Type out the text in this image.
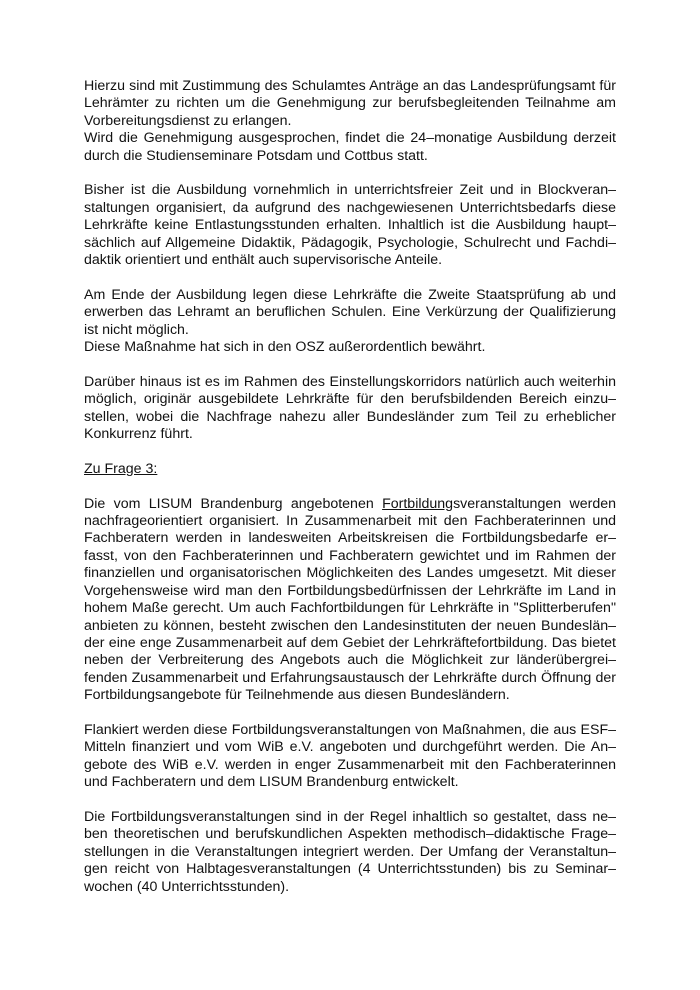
Hierzu sind mit Zustimmung des Schulamtes Anträge an das Landesprüfungsamt für Lehrämter zu richten um die Genehmigung zur berufsbegleitenden Teilnahme am Vorbereitungsdienst zu erlangen.
Wird die Genehmigung ausgesprochen, findet die 24–monatige Ausbildung derzeit durch die Studienseminare Potsdam und Cottbus statt.

Bisher ist die Ausbildung vornehmlich in unterrichtsfreier Zeit und in Blockveran– staltungen organisiert, da aufgrund des nachgewiesenen Unterrichtsbedarfs diese Lehrkräfte keine Entlastungsstunden erhalten. Inhaltlich ist die Ausbildung haupt– sächlich auf Allgemeine Didaktik, Pädagogik, Psychologie, Schulrecht und Fachdi– daktik orientiert und enthält auch supervisorische Anteile.

Am Ende der Ausbildung legen diese Lehrkräfte die Zweite Staatsprüfung ab und erwerben das Lehramt an beruflichen Schulen. Eine Verkürzung der Qualifizierung ist nicht möglich.
Diese Maßnahme hat sich in den OSZ außerordentlich bewährt.

Darüber hinaus ist es im Rahmen des Einstellungskorridors natürlich auch weiterhin möglich, originär ausgebildete Lehrkräfte für den berufsbildenden Bereich einzu– stellen, wobei die Nachfrage nahezu aller Bundesländer zum Teil zu erheblicher Konkurrenz führt.

Zu Frage 3:

Die vom LISUM Brandenburg angebotenen Fortbildungsveranstaltungen werden nachfrageorientiert organisiert. In Zusammenarbeit mit den Fachberaterinnen und Fachberatern werden in landesweiten Arbeitskreisen die Fortbildungsbedarfe er– fasst, von den Fachberaterinnen und Fachberatern gewichtet und im Rahmen der finanziellen und organisatorischen Möglichkeiten des Landes umgesetzt. Mit dieser Vorgehensweise wird man den Fortbildungsbedürfnissen der Lehrkräfte im Land in hohem Maße gerecht. Um auch Fachfortbildungen für Lehrkräfte in "Splitterberufen" anbieten zu können, besteht zwischen den Landesinstituten der neuen Bundeslän– der eine enge Zusammenarbeit auf dem Gebiet der Lehrkräftefortbildung. Das bietet neben der Verbreiterung des Angebots auch die Möglichkeit zur länderübergrei– fenden Zusammenarbeit und Erfahrungsaustausch der Lehrkräfte durch Öffnung der Fortbildungsangebote für Teilnehmende aus diesen Bundesländern.

Flankiert werden diese Fortbildungsveranstaltungen von Maßnahmen, die aus ESF– Mitteln finanziert und vom WiB e.V. angeboten und durchgeführt werden. Die An– gebote des WiB e.V. werden in enger Zusammenarbeit mit den Fachberaterinnen und Fachberatern und dem LISUM Brandenburg entwickelt.

Die Fortbildungsveranstaltungen sind in der Regel inhaltlich so gestaltet, dass ne– ben theoretischen und berufskundlichen Aspekten methodisch–didaktische Frage– stellungen in die Veranstaltungen integriert werden. Der Umfang der Veranstaltun– gen reicht von Halbtagesveranstaltungen (4 Unterrichtsstunden) bis zu Seminar– wochen (40 Unterrichtsstunden).
